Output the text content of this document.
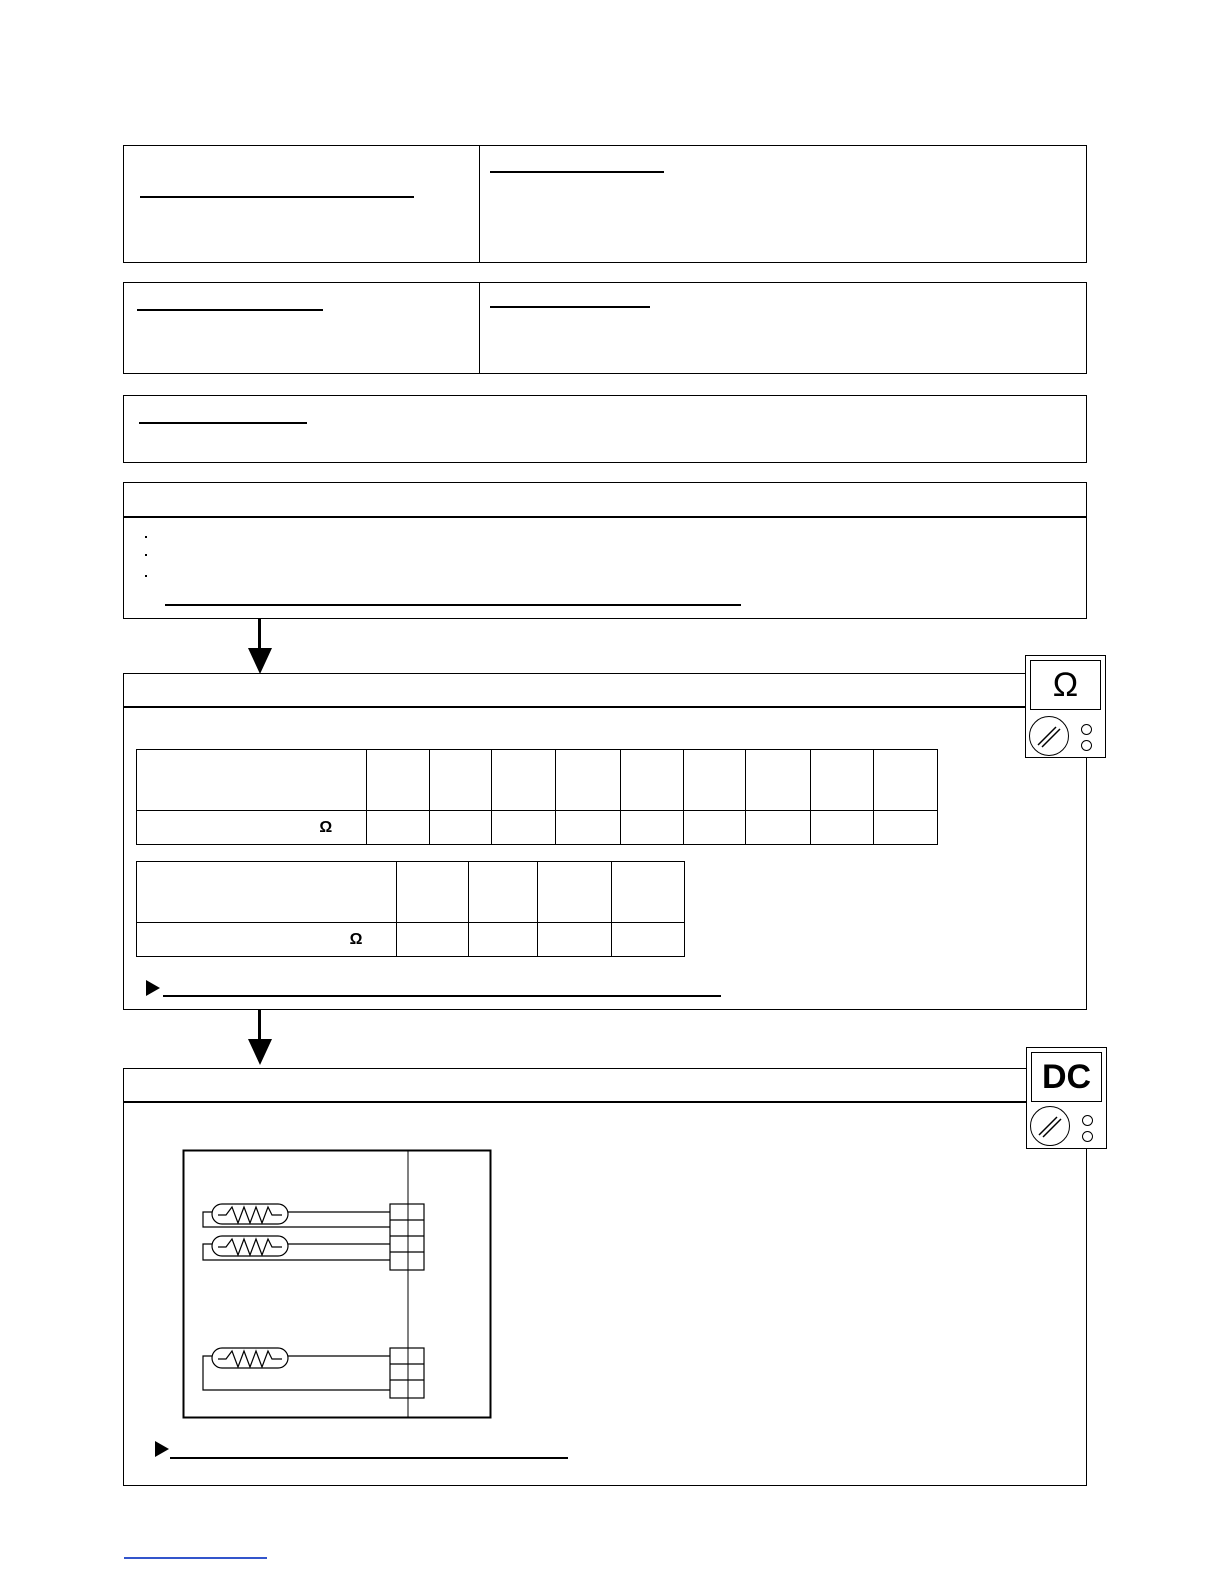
Ω

Ω									

Ω				
DC
